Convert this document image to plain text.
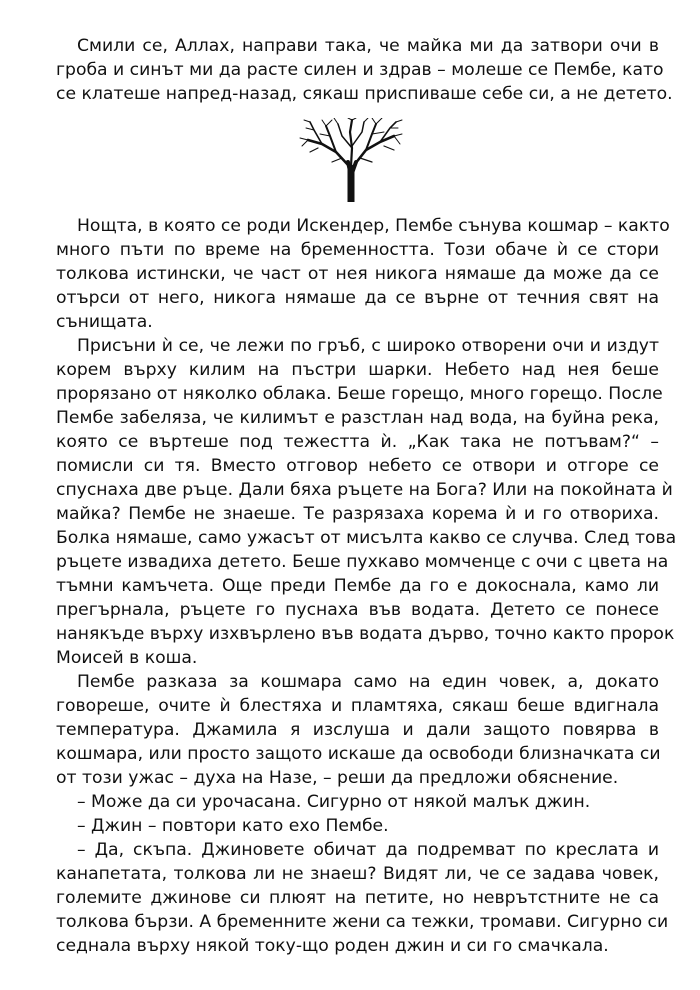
Смили се, Аллах, направи така, че майка ми да затвори очи в
гроба и синът ми да расте силен и здрав – молеше се Пембе, като
се клатеше напред-назад, сякаш приспиваше себе си, а не детето.
Нощта, в която се роди Искендер, Пембе сънува кошмар – както
много пъти по време на бременността. Този обаче ѝ се стори
толкова истински, че част от нея никога нямаше да може да се
отърси от него, никога нямаше да се върне от течния свят на
сънищата.
Присъни ѝ се, че лежи по гръб, с широко отворени очи и издут
корем върху килим на пъстри шарки. Небето над нея беше
прорязано от няколко облака. Беше горещо, много горещо. После
Пембе забеляза, че килимът е разстлан над вода, на буйна река,
която се въртеше под тежестта ѝ. „Как така не потъвам?“ –
помисли си тя. Вместо отговор небето се отвори и отгоре се
спуснаха две ръце. Дали бяха ръцете на Бога? Или на покойната ѝ
майка? Пембе не знаеше. Те разрязаха корема ѝ и го отвориха.
Болка нямаше, само ужасът от мисълта какво се случва. След това
ръцете извадиха детето. Беше пухкаво момченце с очи с цвета на
тъмни камъчета. Още преди Пембе да го е докоснала, камо ли
прегърнала, ръцете го пуснаха във водата. Детето се понесе
нанякъде върху изхвърлено във водата дърво, точно както пророк
Моисей в коша.
Пембе разказа за кошмара само на един човек, а, докато
говореше, очите ѝ блестяха и пламтяха, сякаш беше вдигнала
температура. Джамила я изслуша и дали защото повярва в
кошмара, или просто защото искаше да освободи близначката си
от този ужас – духа на Назе, – реши да предложи обяснение.
– Може да си урочасана. Сигурно от някой малък джин.
– Джин – повтори като ехо Пембе.
– Да, скъпа. Джиновете обичат да подремват по креслата и
канапетата, толкова ли не знаеш? Видят ли, че се задава човек,
големите джинове си плюят на петите, но неврътстните не са
толкова бързи. А бременните жени са тежки, тромави. Сигурно си
седнала върху някой току-що роден джин и си го смачкала.
